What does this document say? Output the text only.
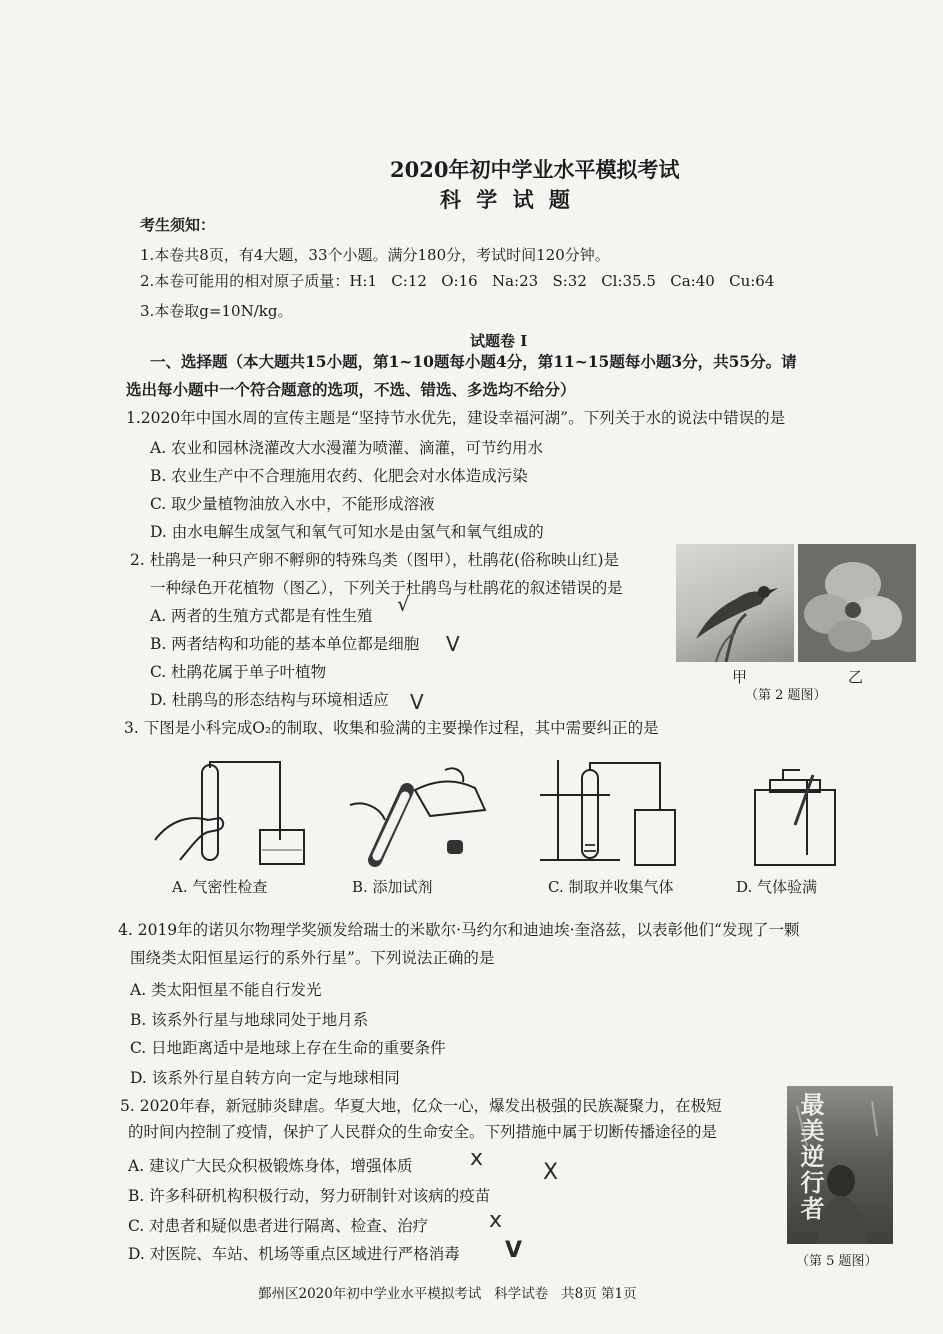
2020年初中学业水平模拟考试
科 学 试 题
考生须知：
1.本卷共8页，有4大题，33个小题。满分180分，考试时间120分钟。
2.本卷可能用的相对原子质量：H:1   C:12   O:16   Na:23   S:32   Cl:35.5   Ca:40   Cu:64
3.本卷取g=10N/kg。
试题卷 I
一、选择题（本大题共15小题，第1~10题每小题4分，第11~15题每小题3分，共55分。请
选出每小题中一个符合题意的选项，不选、错选、多选均不给分）
1.2020年中国水周的宣传主题是“坚持节水优先，建设幸福河湖”。下列关于水的说法中错误的是
A. 农业和园林浇灌改大水漫灌为喷灌、滴灌，可节约用水
B. 农业生产中不合理施用农药、化肥会对水体造成污染
C. 取少量植物油放入水中，不能形成溶液
D. 由水电解生成氢气和氧气可知水是由氢气和氧气组成的
2. 杜鹃是一种只产卵不孵卵的特殊鸟类（图甲），杜鹃花(俗称映山红)是
一种绿色开花植物（图乙），下列关于杜鹃鸟与杜鹃花的叙述错误的是
A. 两者的生殖方式都是有性生殖
B. 两者结构和功能的基本单位都是细胞
C. 杜鹃花属于单子叶植物
D. 杜鹃鸟的形态结构与环境相适应
甲	乙
（第 2 题图）
3. 下图是小科完成O₂的制取、收集和验满的主要操作过程，其中需要纠正的是
A. 气密性检查	B. 添加试剂	C. 制取并收集气体	D. 气体验满
4. 2019年的诺贝尔物理学奖颁发给瑞士的米歇尔·马约尔和迪迪埃·奎洛兹，以表彰他们“发现了一颗
围绕类太阳恒星运行的系外行星”。下列说法正确的是
A. 类太阳恒星不能自行发光
B. 该系外行星与地球同处于地月系
C. 日地距离适中是地球上存在生命的重要条件
D. 该系外行星自转方向一定与地球相同
5. 2020年春，新冠肺炎肆虐。华夏大地，亿众一心，爆发出极强的民族凝聚力，在极短
的时间内控制了疫情，保护了人民群众的生命安全。下列措施中属于切断传播途径的是
A. 建议广大民众积极锻炼身体，增强体质
B. 许多科研机构积极行动，努力研制针对该病的疫苗
C. 对患者和疑似患者进行隔离、检查、治疗
D. 对医院、车站、机场等重点区域进行严格消毒
最美逆行者
（第 5 题图）
√
V
V
x
X
x
V
鄞州区2020年初中学业水平模拟考试   科学试卷   共8页 第1页
